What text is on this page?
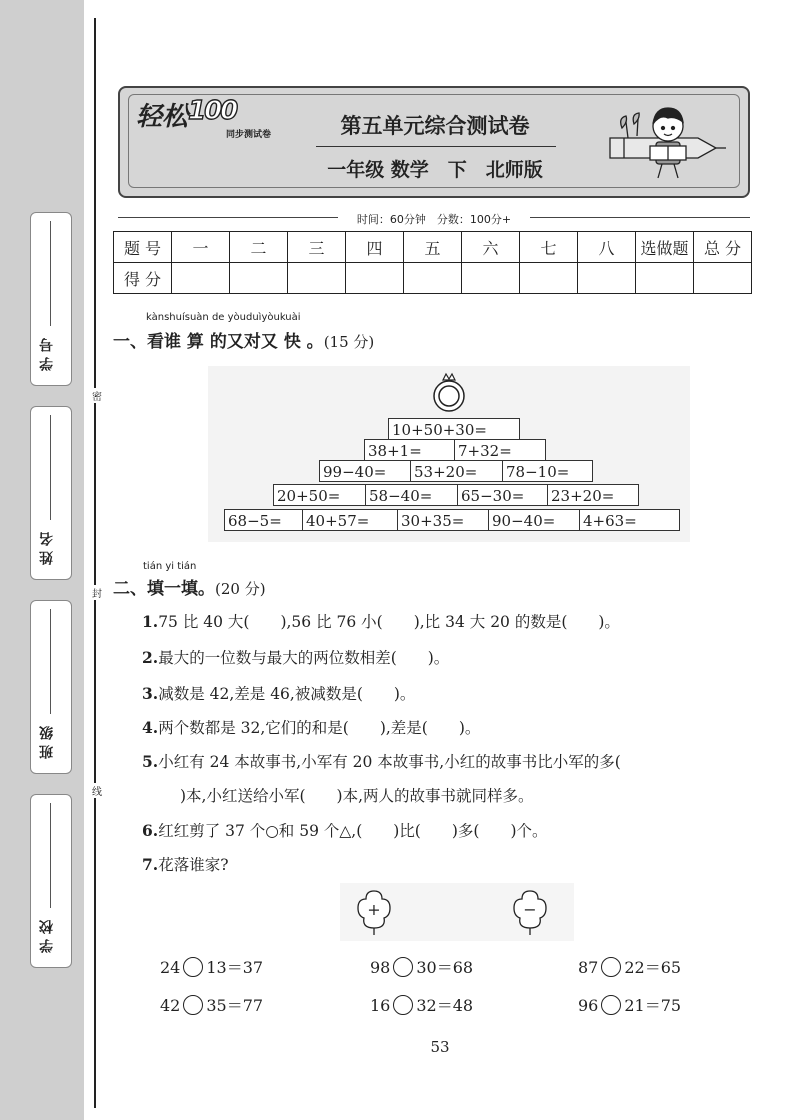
学 号
姓 名
班 级
学 校
密
封
线
轻松 100
同步测试卷	第五单元综合测试卷
一年级 数学　下　北师版
时间：60分钟　分数：100分+
题 号	一	二	三	四	五	六	七	八	选做题	总 分
得 分										
kànshuísuàn de yòuduìyòukuài
一、看谁 算 的又对又 快 。(15 分)
10+50+30=
38+1=	7+32=
99−40=	53+20=	78−10=
20+50=	58−40=	65−30=	23+20=
68−5=	40+57=	30+35=	90−40=	4+63=
tián yi tián
二、填一填。(20 分)
1.75 比 40 大(　　),56 比 76 小(　　),比 34 大 20 的数是(　　)。
2.最大的一位数与最大的两位数相差(　　)。
3.减数是 42,差是 46,被减数是(　　)。
4.两个数都是 32,它们的和是(　　),差是(　　)。
5.小红有 24 本故事书,小军有 20 本故事书,小红的故事书比小军的多(
)本,小红送给小军(　　)本,两人的故事书就同样多。
6.红红剪了 37 个○和 59 个△,(　　)比(　　)多(　　)个。
7.花落谁家?
+	−
24 13＝37	98 30＝68	87 22＝65
42 35＝77	16 32＝48	96 21＝75
53
